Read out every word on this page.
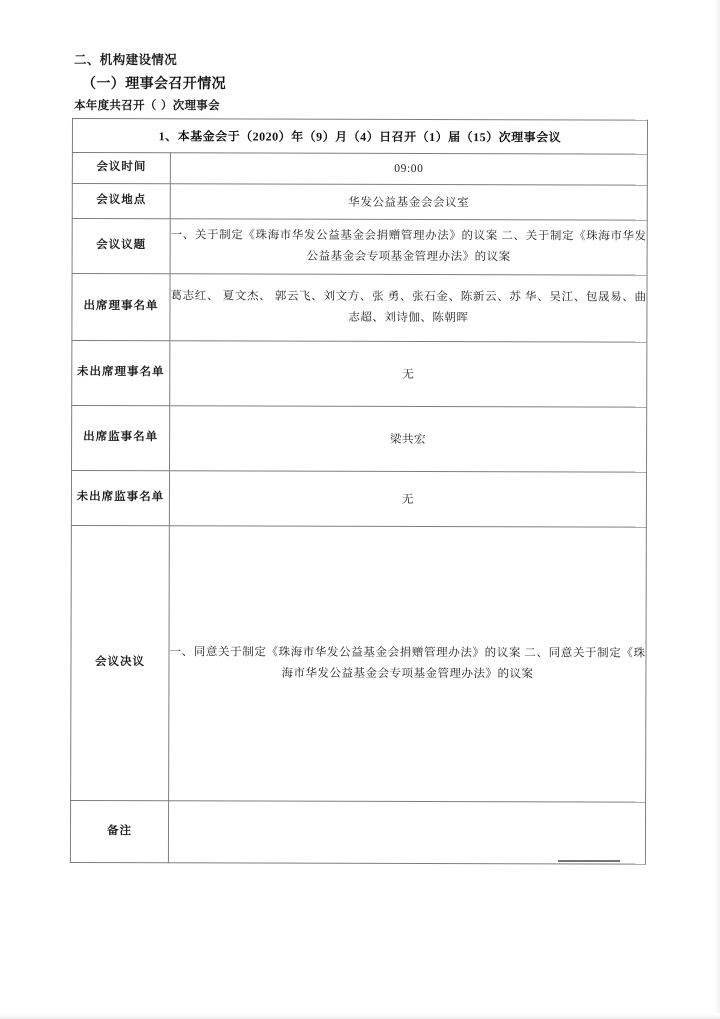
二、机构建设情况
（一）理事会召开情况
本年度共召开（ ）次理事会
1、本基金会于（2020）年（9）月（4）日召开（1）届（15）次理事会议	
会议时间	09:00
会议地点	华发公益基金会会议室
会议议题	一、关于制定《珠海市华发公益基金会捐赠管理办法》的议案 二、关于制定《珠海市华发公益基金会专项基金管理办法》的议案
出席理事名单	葛志红、 夏文杰、 郭云飞、刘文方、张 勇、张石金、陈新云、苏 华、吴江、包晟易、曲志超、刘诗伽、陈朝晖
未出席理事名单	无
出席监事名单	梁共宏
未出席监事名单	无
会议决议	一、同意关于制定《珠海市华发公益基金会捐赠管理办法》的议案 二、同意关于制定《珠海市华发公益基金会专项基金管理办法》的议案
备注	
